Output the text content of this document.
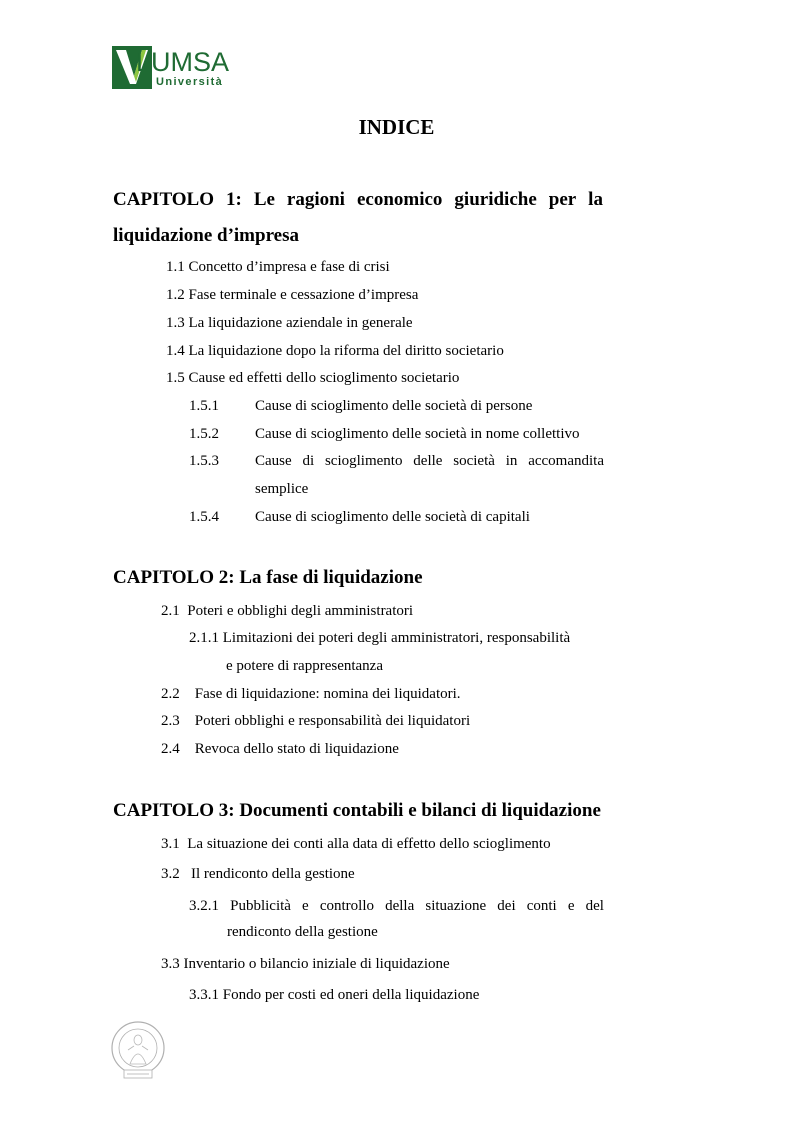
LUMSA
Università
INDICE
CAPITOLO 1: Le ragioni economico giuridiche per la
liquidazione d’impresa
1.1 Concetto d’impresa e fase di crisi
1.2 Fase terminale e cessazione d’impresa
1.3 La liquidazione aziendale in generale
1.4 La liquidazione dopo la riforma del diritto societario
1.5 Cause ed effetti dello scioglimento societario
1.5.1 Cause di scioglimento delle società di persone
1.5.2 Cause di scioglimento delle società in nome collettivo
1.5.3 Cause di scioglimento delle società in accomandita
semplice
1.5.4 Cause di scioglimento delle società di capitali
CAPITOLO 2: La fase di liquidazione
2.1  Poteri e obblighi degli amministratori
2.1.1 Limitazioni dei poteri degli amministratori, responsabilità
e potere di rappresentanza
2.2    Fase di liquidazione: nomina dei liquidatori.
2.3    Poteri obblighi e responsabilità dei liquidatori
2.4    Revoca dello stato di liquidazione
CAPITOLO 3: Documenti contabili e bilanci di liquidazione
3.1  La situazione dei conti alla data di effetto dello scioglimento
3.2   Il rendiconto della gestione
3.2.1 Pubblicità e controllo della situazione dei conti e del
rendiconto della gestione
3.3 Inventario o bilancio iniziale di liquidazione
3.3.1 Fondo per costi ed oneri della liquidazione
